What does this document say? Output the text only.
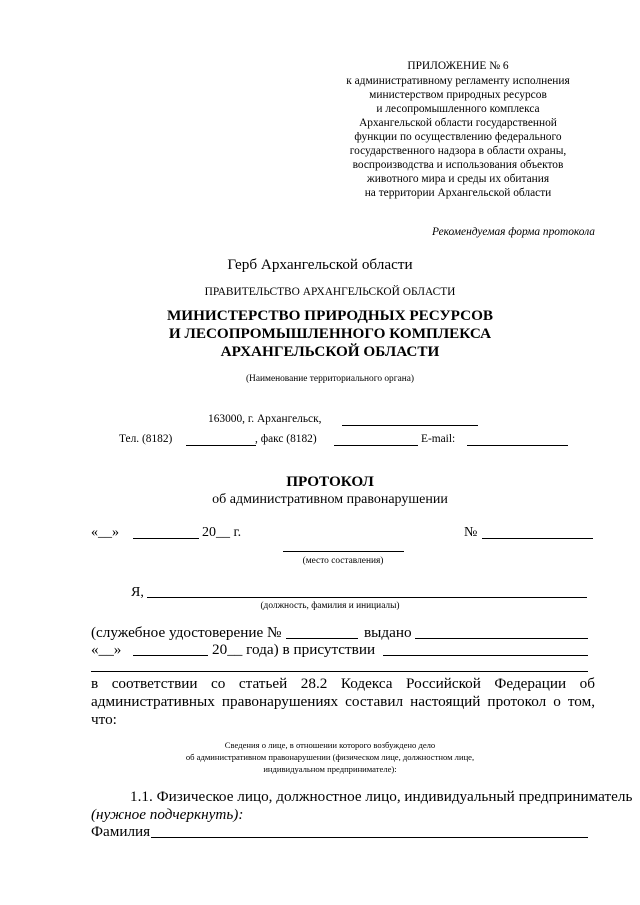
ПРИЛОЖЕНИЕ № 6
к административному регламенту исполнения
министерством природных ресурсов
и лесопромышленного комплекса
Архангельской области государственной
функции по осуществлению федерального
государственного надзора в области охраны,
воспроизводства и использования объектов
животного мира и среды их обитания
на территории Архангельской области
Рекомендуемая форма протокола
Герб Архангельской области
ПРАВИТЕЛЬСТВО АРХАНГЕЛЬСКОЙ ОБЛАСТИ
МИНИСТЕРСТВО ПРИРОДНЫХ РЕСУРСОВ
И ЛЕСОПРОМЫШЛЕННОГО КОМПЛЕКСА
АРХАНГЕЛЬСКОЙ ОБЛАСТИ
(Наименование территориального органа)
163000, г. Архангельск,
Тел. (8182)	, факс (8182)	E-mail:
ПРОТОКОЛ
об административном правонарушении
«__»	20__ г.	№
(место составления)
Я,
(должность, фамилия и инициалы)
(служебное удостоверение №	выдано
«__»	20__ года) в присутствии
в соответствии со статьей 28.2 Кодекса Российской Федерации об
административных правонарушениях составил настоящий протокол о том,
что:
Сведения о лице, в отношении которого возбуждено дело
об административном правонарушении (физическом лице, должностном лице,
индивидуальном предпринимателе):
1.1. Физическое лицо, должностное лицо, индивидуальный предприниматель
(нужное подчеркнуть):
Фамилия
